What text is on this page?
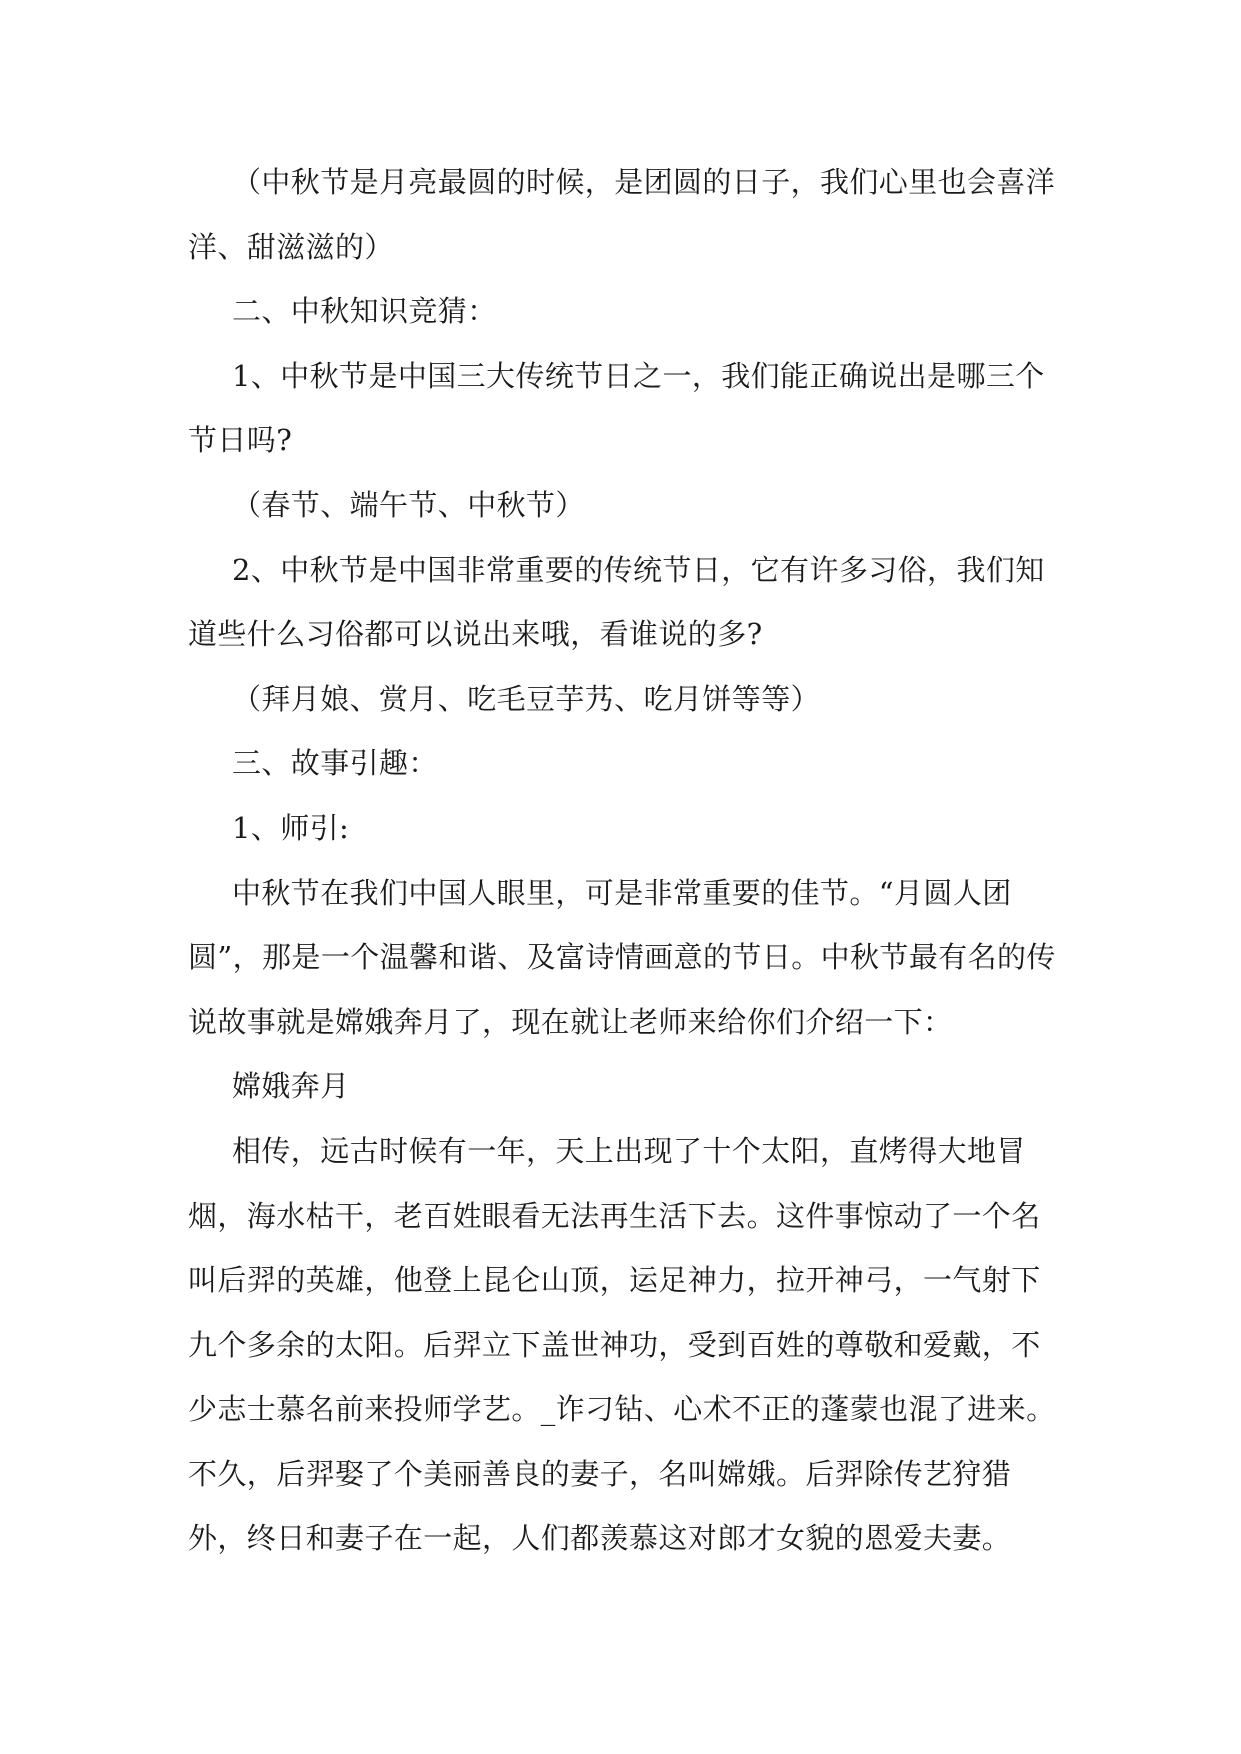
（中秋节是月亮最圆的时候，是团圆的日子，我们心里也会喜洋洋、甜滋滋的）

二、中秋知识竞猜：

1、中秋节是中国三大传统节日之一，我们能正确说出是哪三个节日吗?

（春节、端午节、中秋节）

2、中秋节是中国非常重要的传统节日，它有许多习俗，我们知道些什么习俗都可以说出来哦，看谁说的多?

（拜月娘、赏月、吃毛豆芋艿、吃月饼等等）

三、故事引趣：

1、师引:

中秋节在我们中国人眼里，可是非常重要的佳节。“月圆人团圆”，那是一个温馨和谐、及富诗情画意的节日。中秋节最有名的传说故事就是嫦娥奔月了，现在就让老师来给你们介绍一下：

嫦娥奔月

相传，远古时候有一年，天上出现了十个太阳，直烤得大地冒烟，海水枯干，老百姓眼看无法再生活下去。这件事惊动了一个名叫后羿的英雄，他登上昆仑山顶，运足神力，拉开神弓，一气射下九个多余的太阳。后羿立下盖世神功，受到百姓的尊敬和爱戴，不少志士慕名前来投师学艺。_诈刁钻、心术不正的蓬蒙也混了进来。不久，后羿娶了个美丽善良的妻子，名叫嫦娥。后羿除传艺狩猎外，终日和妻子在一起，人们都羡慕这对郎才女貌的恩爱夫妻。
